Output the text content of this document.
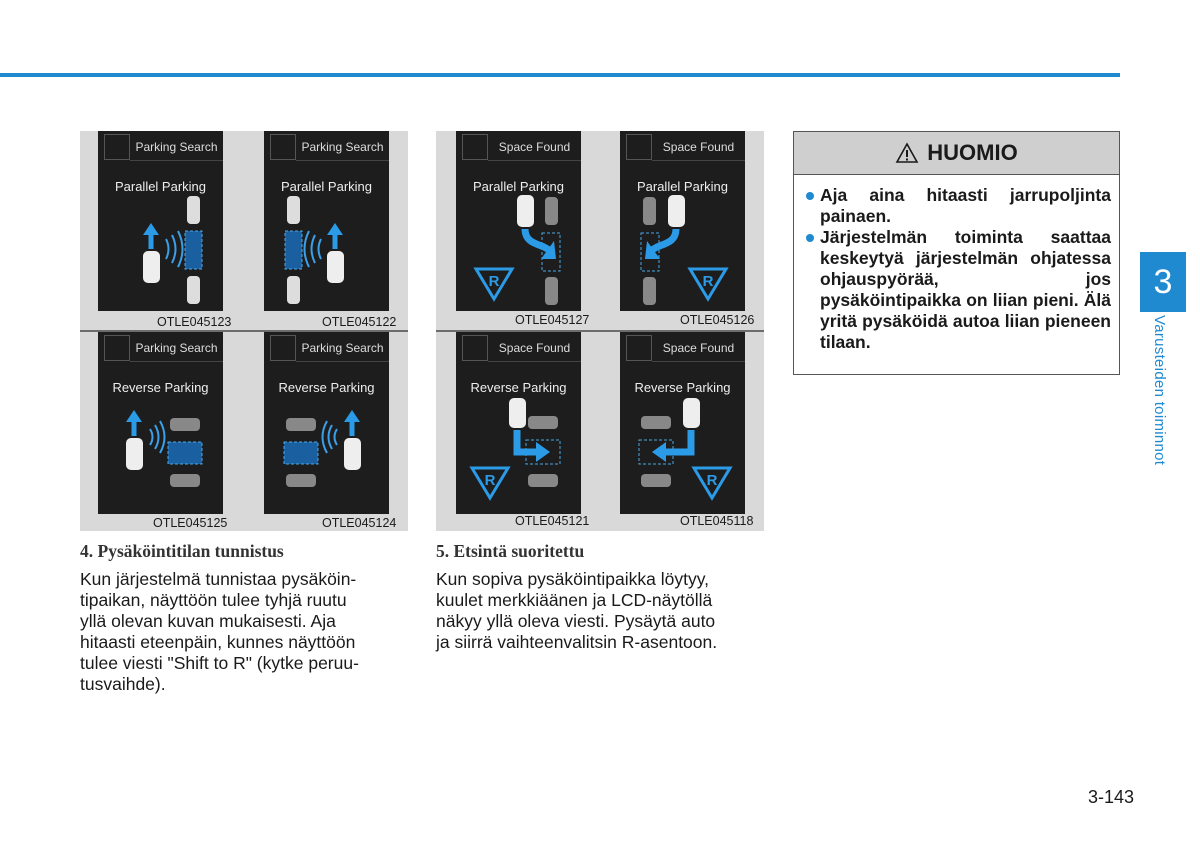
Parking Search
Parallel Parking
OTLE045123
Parking Search
Parallel Parking
OTLE045122
Parking Search
Reverse Parking
OTLE045125
Parking Search
Reverse Parking
OTLE045124
Space Found
Parallel Parking
R
OTLE045127
Space Found
Parallel Parking
R
OTLE045126
Space Found
Reverse Parking
R
OTLE045121
Space Found
Reverse Parking
R
OTLE045118
4. Pysäköintitilan tunnistus
Kun järjestelmä tunnistaa pysäköin-
tipaikan, näyttöön tulee tyhjä ruutu
yllä olevan kuvan mukaisesti. Aja
hitaasti eteenpäin, kunnes näyttöön
tulee viesti "Shift to R" (kytke peruu-
tusvaihde).
5. Etsintä suoritettu
Kun sopiva pysäköintipaikka löytyy,
kuulet merkkiäänen ja LCD-näytöllä
näkyy yllä oleva viesti. Pysäytä auto
ja siirrä vaihteenvalitsin R-asentoon.
HUOMIO
Aja aina hitaasti jarrupoljinta painaen.
Järjestelmän toiminta saattaa keskeytyä järjestelmän ohjatessa ohjauspyörää, jos pysäköintipaikka on liian pieni. Älä yritä pysäköidä autoa liian pieneen tilaan.
3
Varusteiden toiminnot
3-143
